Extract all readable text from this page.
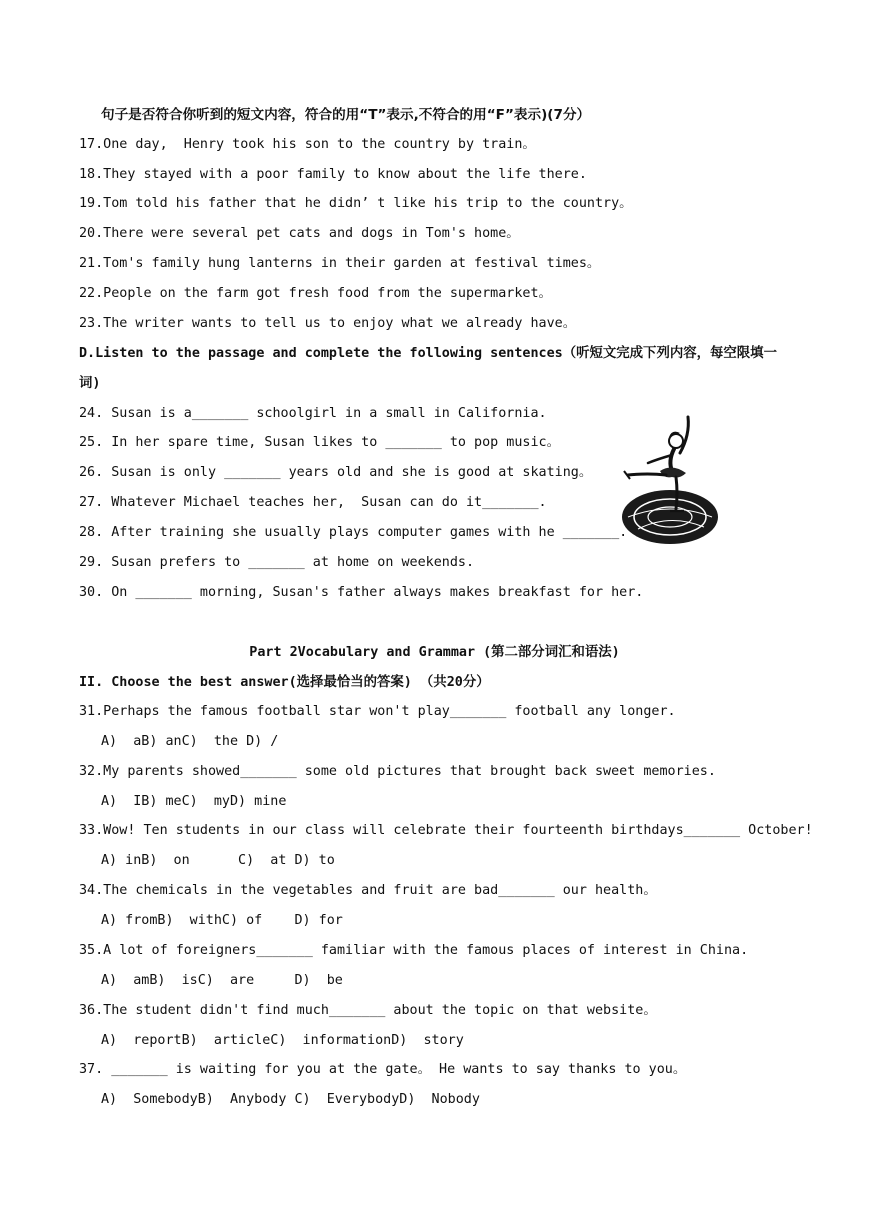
句子是否符合你听到的短文内容，符合的用“T”表示,不符合的用“F”表示)(7分）
17.One day,  Henry took his son to the country by train。
18.They stayed with a poor family to know about the life there.
19.Tom told his father that he didn’ t like his trip to the country。
20.There were several pet cats and dogs in Tom's home。
21.Tom's family hung lanterns in their garden at festival times。
22.People on the farm got fresh food from the supermarket。
23.The writer wants to tell us to enjoy what we already have。
D.Listen to the passage and complete the following sentences（听短文完成下列内容，每空限填一
词)
24. Susan is a_______ schoolgirl in a small in California.
25. In her spare time, Susan likes to _______ to pop music。
26. Susan is only _______ years old and she is good at skating。
27. Whatever Michael teaches her,  Susan can do it_______.
28. After training she usually plays computer games with he _______.
29. Susan prefers to _______ at home on weekends.
30. On _______ morning, Susan's father always makes breakfast for her.
Part 2Vocabulary and Grammar (第二部分词汇和语法)
II. Choose the best answer(选择最恰当的答案) （共20分）
31.Perhaps the famous football star won't play_______ football any longer.
A)  aB) anC)  the D) /
32.My parents showed_______ some old pictures that brought back sweet memories.
A)  IB) meC)  myD) mine
33.Wow! Ten students in our class will celebrate their fourteenth birthdays_______ October!
A) inB)  on      C)  at D) to
34.The chemicals in the vegetables and fruit are bad_______ our health。
A) fromB)  withC) of    D) for
35.A lot of foreigners_______ familiar with the famous places of interest in China.
A)  amB)  isC)  are     D)  be
36.The student didn't find much_______ about the topic on that website。
A)  reportB)  articleC)  informationD)  story
37. _______ is waiting for you at the gate。 He wants to say thanks to you。
A)  SomebodyB)  Anybody C)  EverybodyD)  Nobody
